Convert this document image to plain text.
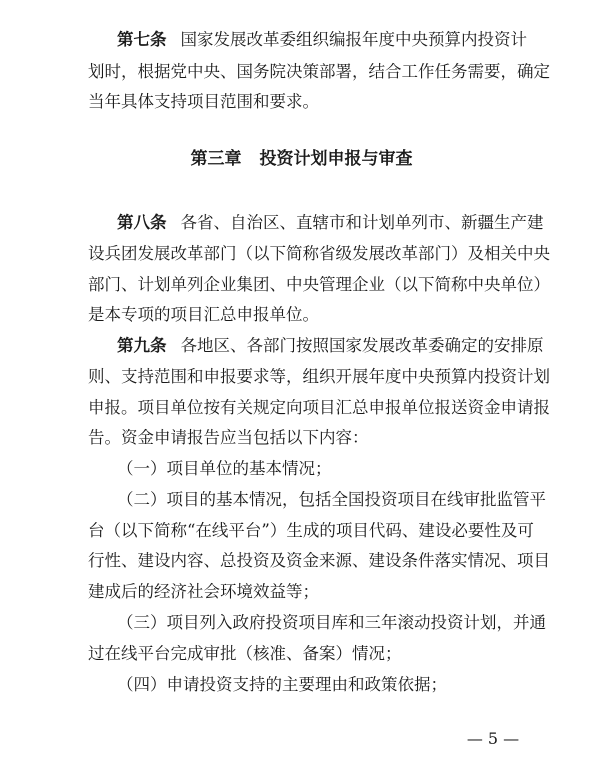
第七条 国家发展改革委组织编报年度中央预算内投资计
划时，根据党中央、国务院决策部署，结合工作任务需要，确定
当年具体支持项目范围和要求。
第三章 投资计划申报与审查
第八条 各省、自治区、直辖市和计划单列市、新疆生产建
设兵团发展改革部门（以下简称省级发展改革部门）及相关中央
部门、计划单列企业集团、中央管理企业（以下简称中央单位）
是本专项的项目汇总申报单位。
第九条 各地区、各部门按照国家发展改革委确定的安排原
则、支持范围和申报要求等，组织开展年度中央预算内投资计划
申报。项目单位按有关规定向项目汇总申报单位报送资金申请报
告。资金申请报告应当包括以下内容：
（一）项目单位的基本情况；
（二）项目的基本情况，包括全国投资项目在线审批监管平
台（以下简称“在线平台”）生成的项目代码、建设必要性及可
行性、建设内容、总投资及资金来源、建设条件落实情况、项目
建成后的经济社会环境效益等；
（三）项目列入政府投资项目库和三年滚动投资计划，并通
过在线平台完成审批（核准、备案）情况；
（四）申请投资支持的主要理由和政策依据；
— 5 —
